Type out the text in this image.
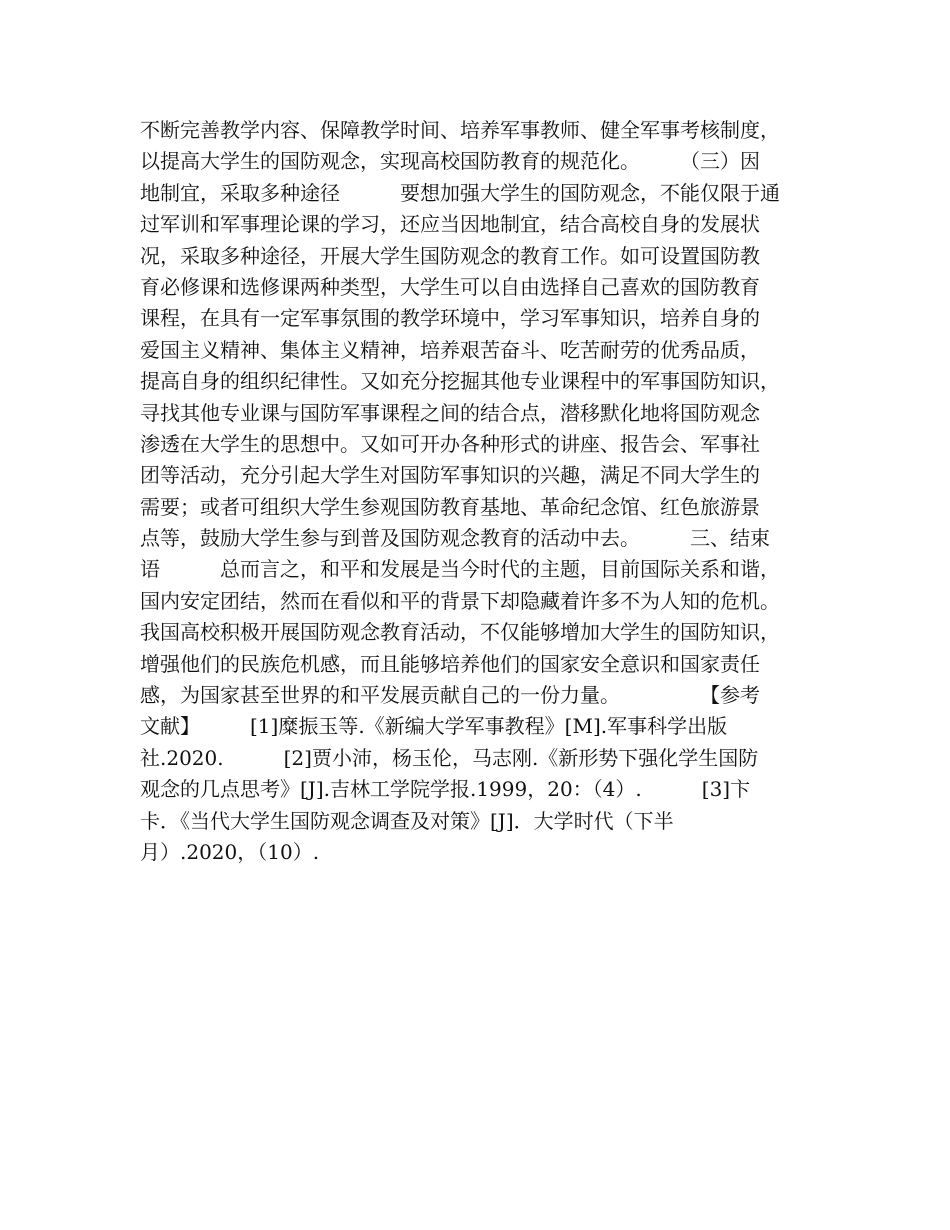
不断完善教学内容、保障教学时间、培养军事教师、健全军事考核制度，
以提高大学生的国防观念，实现高校国防教育的规范化。　　　（三）因
地制宜，采取多种途径　　　要想加强大学生的国防观念，不能仅限于通
过军训和军事理论课的学习，还应当因地制宜，结合高校自身的发展状
况，采取多种途径，开展大学生国防观念的教育工作。如可设置国防教
育必修课和选修课两种类型，大学生可以自由选择自己喜欢的国防教育
课程，在具有一定军事氛围的教学环境中，学习军事知识，培养自身的
爱国主义精神、集体主义精神，培养艰苦奋斗、吃苦耐劳的优秀品质，
提高自身的组织纪律性。又如充分挖掘其他专业课程中的军事国防知识，
寻找其他专业课与国防军事课程之间的结合点，潜移默化地将国防观念
渗透在大学生的思想中。又如可开办各种形式的讲座、报告会、军事社
团等活动，充分引起大学生对国防军事知识的兴趣，满足不同大学生的
需要；或者可组织大学生参观国防教育基地、革命纪念馆、红色旅游景
点等，鼓励大学生参与到普及国防观念教育的活动中去。　　　三、结束
语　　　总而言之，和平和发展是当今时代的主题，目前国际关系和谐，
国内安定团结，然而在看似和平的背景下却隐藏着许多不为人知的危机。
我国高校积极开展国防观念教育活动，不仅能够增加大学生的国防知识，
增强他们的民族危机感，而且能够培养他们的国家安全意识和国家责任
感，为国家甚至世界的和平发展贡献自己的一份力量。　　　　　【参考
文献】　　　[1]糜振玉等.《新编大学军事教程》[M].军事科学出版
社.2020.　　　[2]贾小沛，杨玉伦，马志刚.《新形势下强化学生国防
观念的几点思考》[J].吉林工学院学报.1999，20：（4）.　　　[3]卞
卡．《当代大学生国防观念调查及对策》[J]．大学时代（下半
月）.2020，（10）.
